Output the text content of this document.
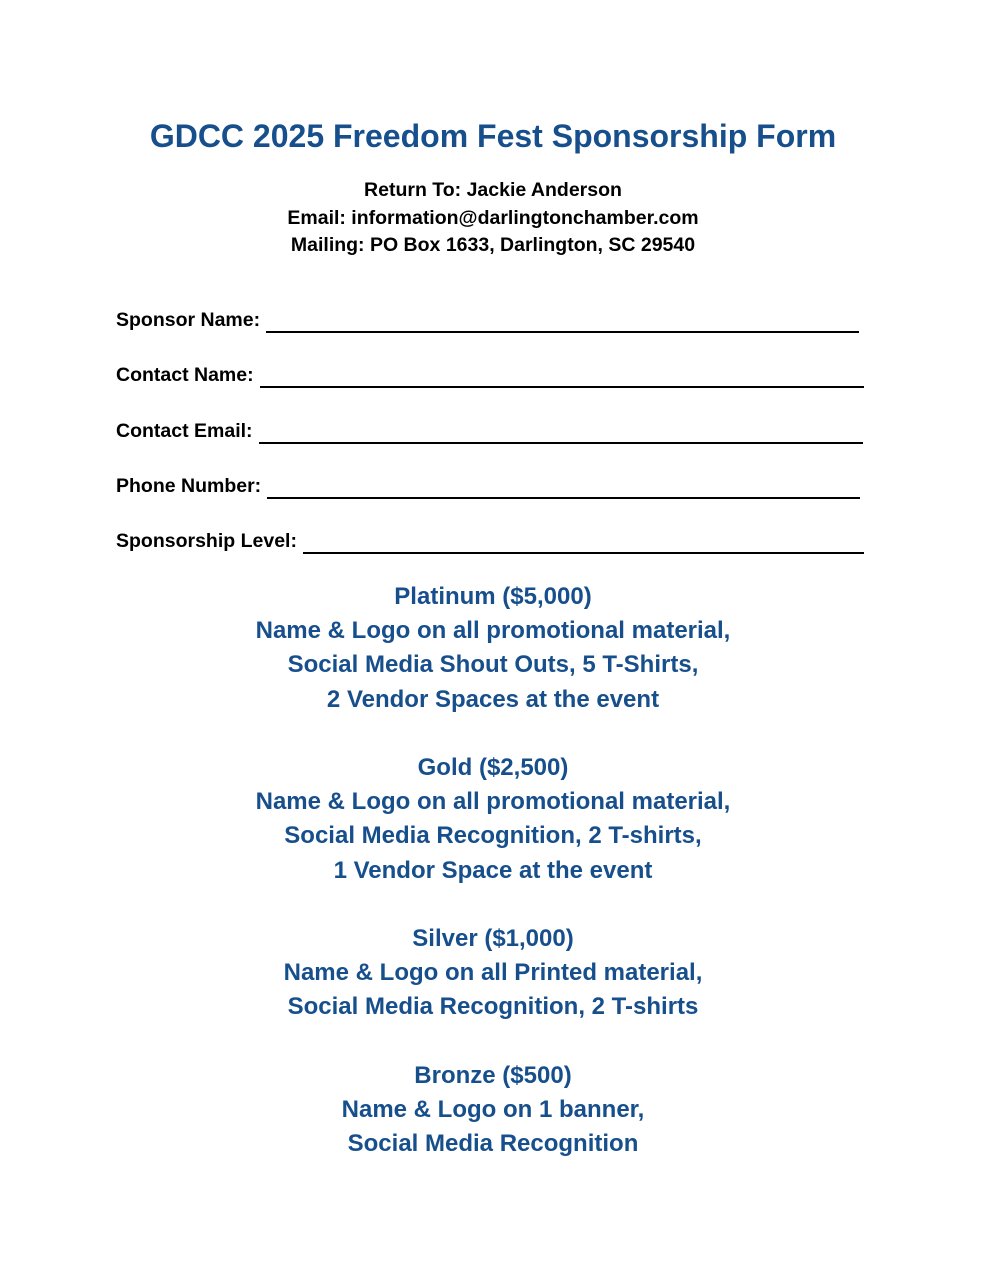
GDCC 2025 Freedom Fest Sponsorship Form
Return To: Jackie Anderson
Email: information@darlingtonchamber.com
Mailing: PO Box 1633, Darlington, SC 29540
Sponsor Name:
Contact Name:
Contact Email:
Phone Number:
Sponsorship Level:
Platinum ($5,000)
Name & Logo on all promotional material,
Social Media Shout Outs, 5 T-Shirts,
2 Vendor Spaces at the event
Gold ($2,500)
Name & Logo on all promotional material,
Social Media Recognition, 2 T-shirts,
1 Vendor Space at the event
Silver ($1,000)
Name & Logo on all Printed material,
Social Media Recognition, 2 T-shirts
Bronze ($500)
Name & Logo on 1 banner,
Social Media Recognition
